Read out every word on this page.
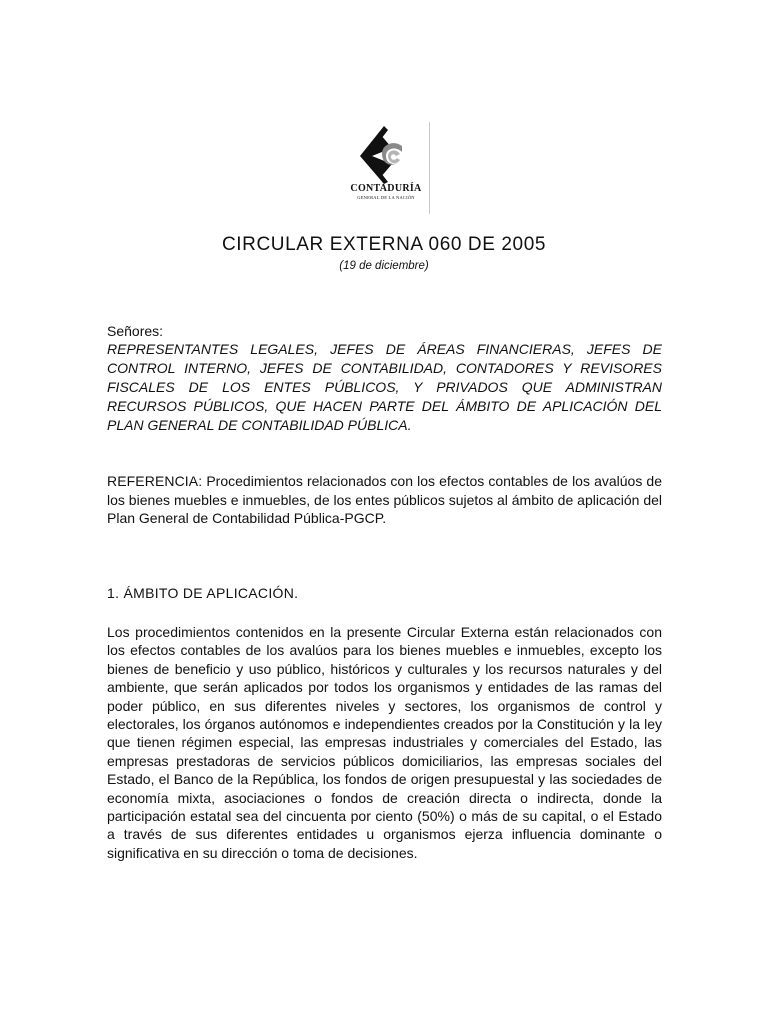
CONTADURÍA
GENERAL DE LA NACIÓN
CIRCULAR EXTERNA 060 DE 2005
(19 de diciembre)
Señores:
REPRESENTANTES LEGALES, JEFES DE ÁREAS FINANCIERAS, JEFES DE CONTROL INTERNO, JEFES DE CONTABILIDAD, CONTADORES Y REVISORES FISCALES DE LOS ENTES PÚBLICOS, Y PRIVADOS QUE ADMINISTRAN RECURSOS PÚBLICOS, QUE HACEN PARTE DEL ÁMBITO DE APLICACIÓN DEL PLAN GENERAL DE CONTABILIDAD PÚBLICA.
REFERENCIA: Procedimientos relacionados con los efectos contables de los avalúos de los bienes muebles e inmuebles, de los entes públicos sujetos al ámbito de aplicación del Plan General de Contabilidad Pública-PGCP.
1. ÁMBITO DE APLICACIÓN.
Los procedimientos contenidos en la presente Circular Externa están relacionados con los efectos contables de los avalúos para los bienes muebles e inmuebles, excepto los bienes de beneficio y uso público, históricos y culturales y los recursos naturales y del ambiente, que serán aplicados por todos los organismos y entidades de las ramas del poder público, en sus diferentes niveles y sectores, los organismos de control y electorales, los órganos autónomos e independientes creados por la Constitución y la ley que tienen régimen especial, las empresas industriales y comerciales del Estado, las empresas prestadoras de servicios públicos domiciliarios, las empresas sociales del Estado, el Banco de la República, los fondos de origen presupuestal y las sociedades de economía mixta, asociaciones o fondos de creación directa o indirecta, donde la participación estatal sea del cincuenta por ciento (50%) o más de su capital, o el Estado a través de sus diferentes entidades u organismos ejerza influencia dominante o significativa en su dirección o toma de decisiones.
